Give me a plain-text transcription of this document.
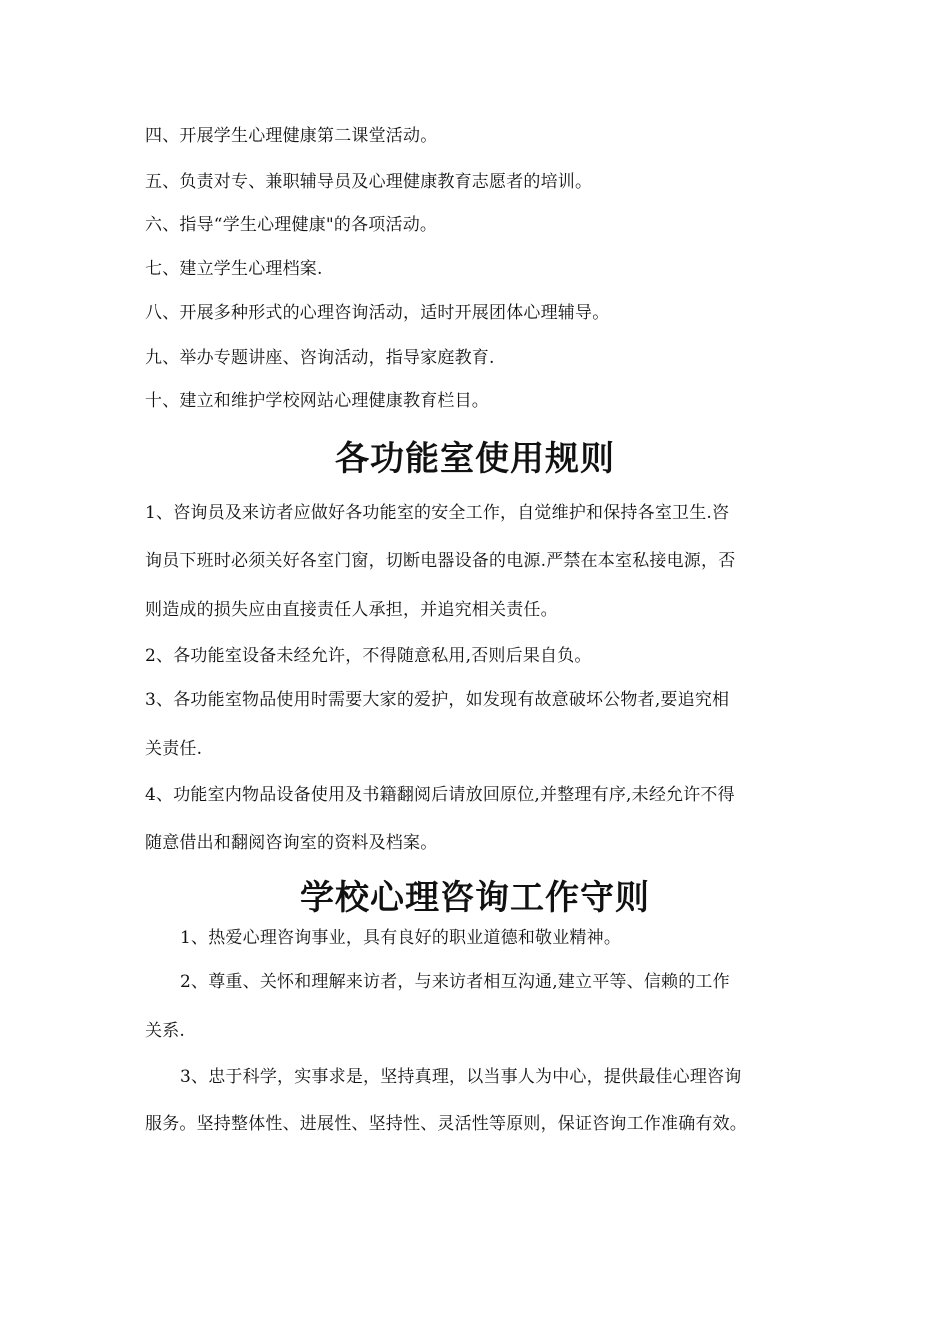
四、开展学生心理健康第二课堂活动。
五、负责对专、兼职辅导员及心理健康教育志愿者的培训。
六、指导“学生心理健康"的各项活动。
七、建立学生心理档案.
八、开展多种形式的心理咨询活动，适时开展团体心理辅导。
九、举办专题讲座、咨询活动，指导家庭教育.
十、建立和维护学校网站心理健康教育栏目。
各功能室使用规则
1、咨询员及来访者应做好各功能室的安全工作，自觉维护和保持各室卫生.咨
询员下班时必须关好各室门窗，切断电器设备的电源.严禁在本室私接电源，否
则造成的损失应由直接责任人承担，并追究相关责任。
2、各功能室设备未经允许，不得随意私用,否则后果自负。
3、各功能室物品使用时需要大家的爱护，如发现有故意破坏公物者,要追究相
关责任.
4、功能室内物品设备使用及书籍翻阅后请放回原位,并整理有序,未经允许不得
随意借出和翻阅咨询室的资料及档案。
学校心理咨询工作守则
1、热爱心理咨询事业，具有良好的职业道德和敬业精神。
2、尊重、关怀和理解来访者，与来访者相互沟通,建立平等、信赖的工作
关系.
3、忠于科学，实事求是，坚持真理，以当事人为中心，提供最佳心理咨询
服务。坚持整体性、进展性、坚持性、灵活性等原则，保证咨询工作准确有效。
